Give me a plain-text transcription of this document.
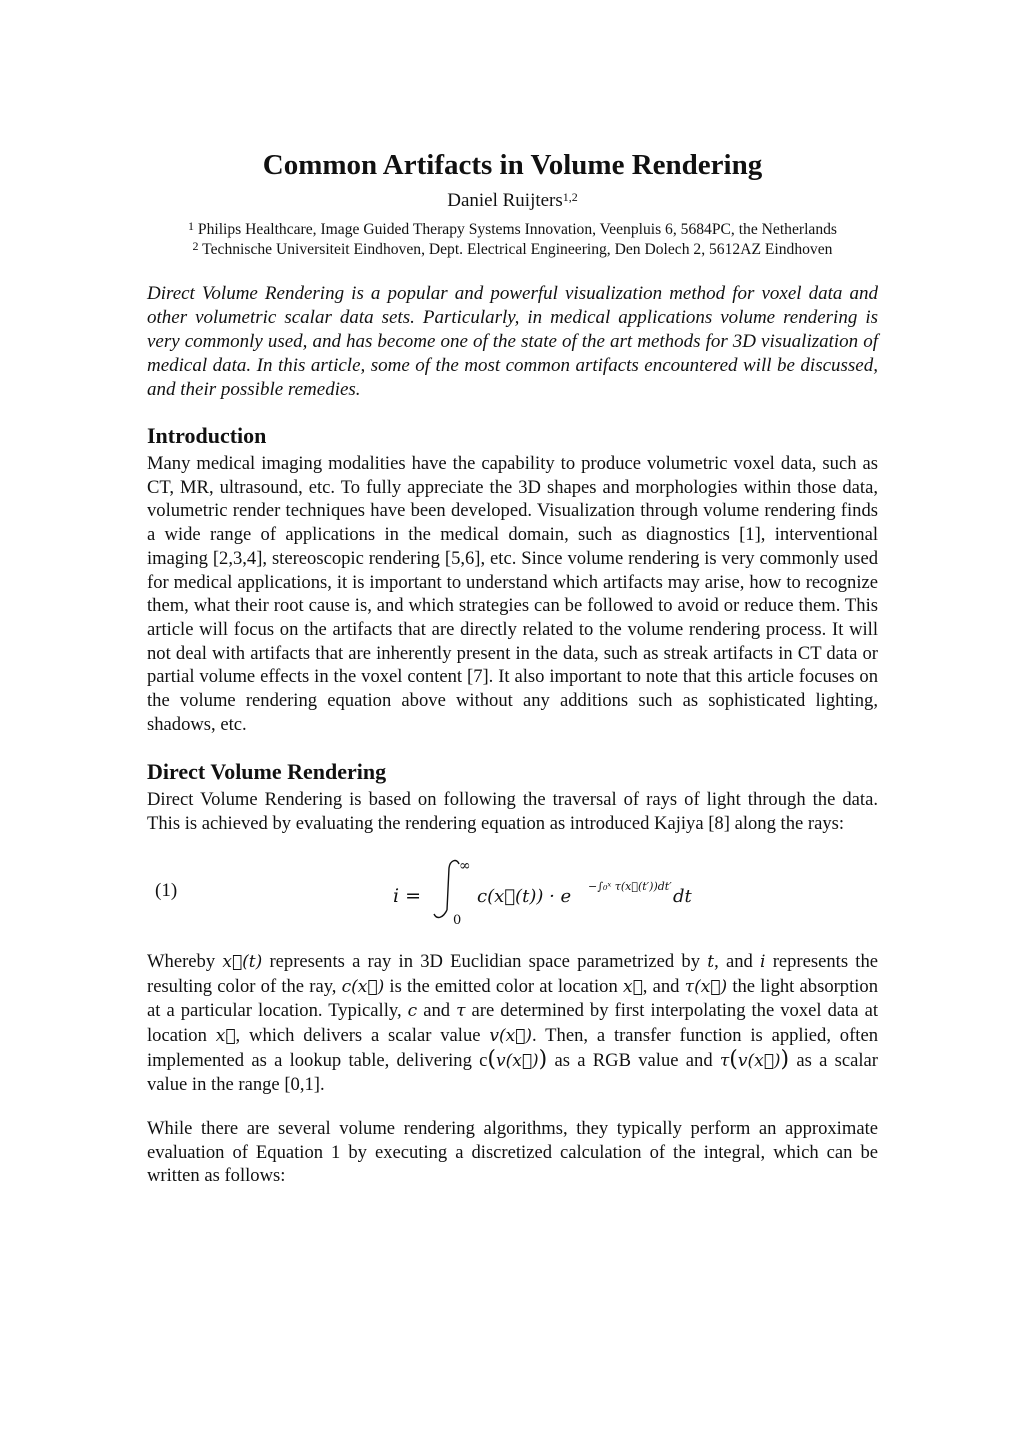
Common Artifacts in Volume Rendering
Daniel Ruijters$^{1,2}$
$^1$ Philips Healthcare, Image Guided Therapy Systems Innovation, Veenpluis 6, 5684PC, the Netherlands
$^2$ Technische Universiteit Eindhoven, Dept. Electrical Engineering, Den Dolech 2, 5612AZ Eindhoven
Direct Volume Rendering is a popular and powerful visualization method for voxel data and other volumetric scalar data sets. Particularly, in medical applications volume rendering is very commonly used, and has become one of the state of the art methods for 3D visualization of medical data. In this article, some of the most common artifacts encountered will be discussed, and their possible remedies.
Introduction
Many medical imaging modalities have the capability to produce volumetric voxel data, such as CT, MR, ultrasound, etc. To fully appreciate the 3D shapes and morphologies within those data, volumetric render techniques have been developed. Visualization through volume rendering finds a wide range of applications in the medical domain, such as diagnostics [1], interventional imaging [2,3,4], stereoscopic rendering [5,6], etc. Since volume rendering is very commonly used for medical applications, it is important to understand which artifacts may arise, how to recognize them, what their root cause is, and which strategies can be followed to avoid or reduce them. This article will focus on the artifacts that are directly related to the volume rendering process. It will not deal with artifacts that are inherently present in the data, such as streak artifacts in CT data or partial volume effects in the voxel content [7]. It also important to note that this article focuses on the volume rendering equation above without any additions such as sophisticated lighting, shadows, etc.
Direct Volume Rendering
Direct Volume Rendering is based on following the traversal of rays of light through the data. This is achieved by evaluating the rendering equation as introduced Kajiya [8] along the rays:
(1)	i =
∞
0
c(x⃗(t)) · e −∫₀ˣ τ(x⃗(t′))dt′ dt
Whereby x⃗(t) represents a ray in 3D Euclidian space parametrized by t, and i represents the resulting color of the ray, c(x⃗) is the emitted color at location x⃗, and τ(x⃗) the light absorption at a particular location. Typically, c and τ are determined by first interpolating the voxel data at location x⃗, which delivers a scalar value v(x⃗). Then, a transfer function is applied, often implemented as a lookup table, delivering c(v(x⃗)) as a RGB value and τ(v(x⃗)) as a scalar value in the range [0,1].
While there are several volume rendering algorithms, they typically perform an approximate evaluation of Equation 1 by executing a discretized calculation of the integral, which can be written as follows:
